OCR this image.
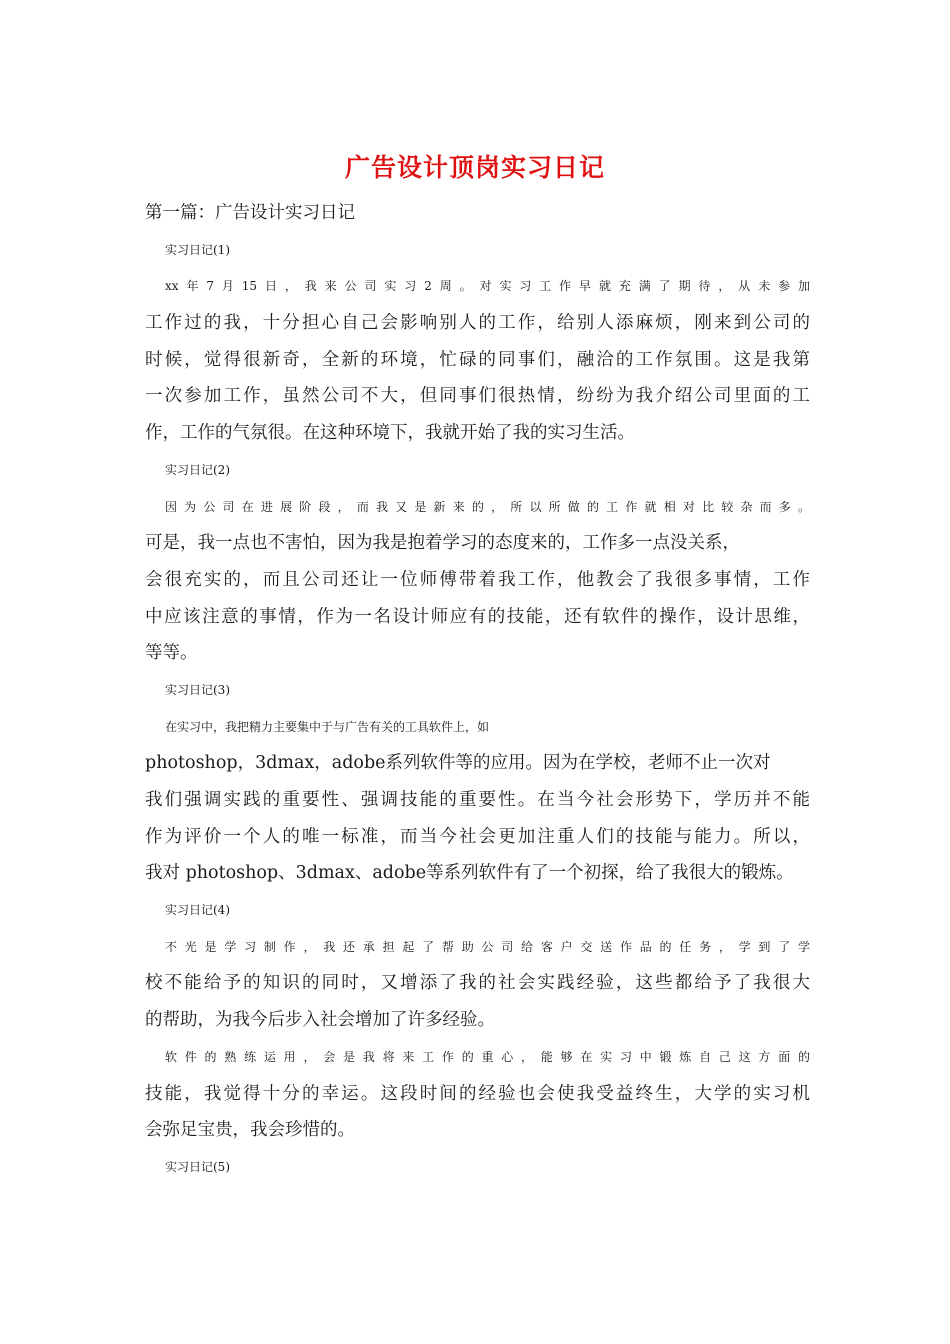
广告设计顶岗实习日记
第一篇：广告设计实习日记
实习日记(1)
xx年7月15日，我来公司实习2周。对实习工作早就充满了期待，从未参加
工作过的我，十分担心自己会影响别人的工作，给别人添麻烦，刚来到公司的
时候，觉得很新奇，全新的环境，忙碌的同事们，融洽的工作氛围。这是我第
一次参加工作，虽然公司不大，但同事们很热情，纷纷为我介绍公司里面的工
作，工作的气氛很。在这种环境下，我就开始了我的实习生活。
实习日记(2)
因为公司在进展阶段，而我又是新来的，所以所做的工作就相对比较杂而多。
可是，我一点也不害怕，因为我是抱着学习的态度来的，工作多一点没关系，
会很充实的，而且公司还让一位师傅带着我工作，他教会了我很多事情，工作
中应该注意的事情，作为一名设计师应有的技能，还有软件的操作，设计思维，
等等。
实习日记(3)
在实习中，我把精力主要集中于与广告有关的工具软件上，如
photoshop，3dmax，adobe系列软件等的应用。因为在学校，老师不止一次对
我们强调实践的重要性、强调技能的重要性。在当今社会形势下，学历并不能
作为评价一个人的唯一标准，而当今社会更加注重人们的技能与能力。所以，
我对 photoshop、3dmax、adobe等系列软件有了一个初探，给了我很大的锻炼。
实习日记(4)
不光是学习制作，我还承担起了帮助公司给客户交送作品的任务，学到了学
校不能给予的知识的同时，又增添了我的社会实践经验，这些都给予了我很大
的帮助，为我今后步入社会增加了许多经验。
软件的熟练运用，会是我将来工作的重心，能够在实习中锻炼自己这方面的
技能，我觉得十分的幸运。这段时间的经验也会使我受益终生，大学的实习机
会弥足宝贵，我会珍惜的。
实习日记(5)
